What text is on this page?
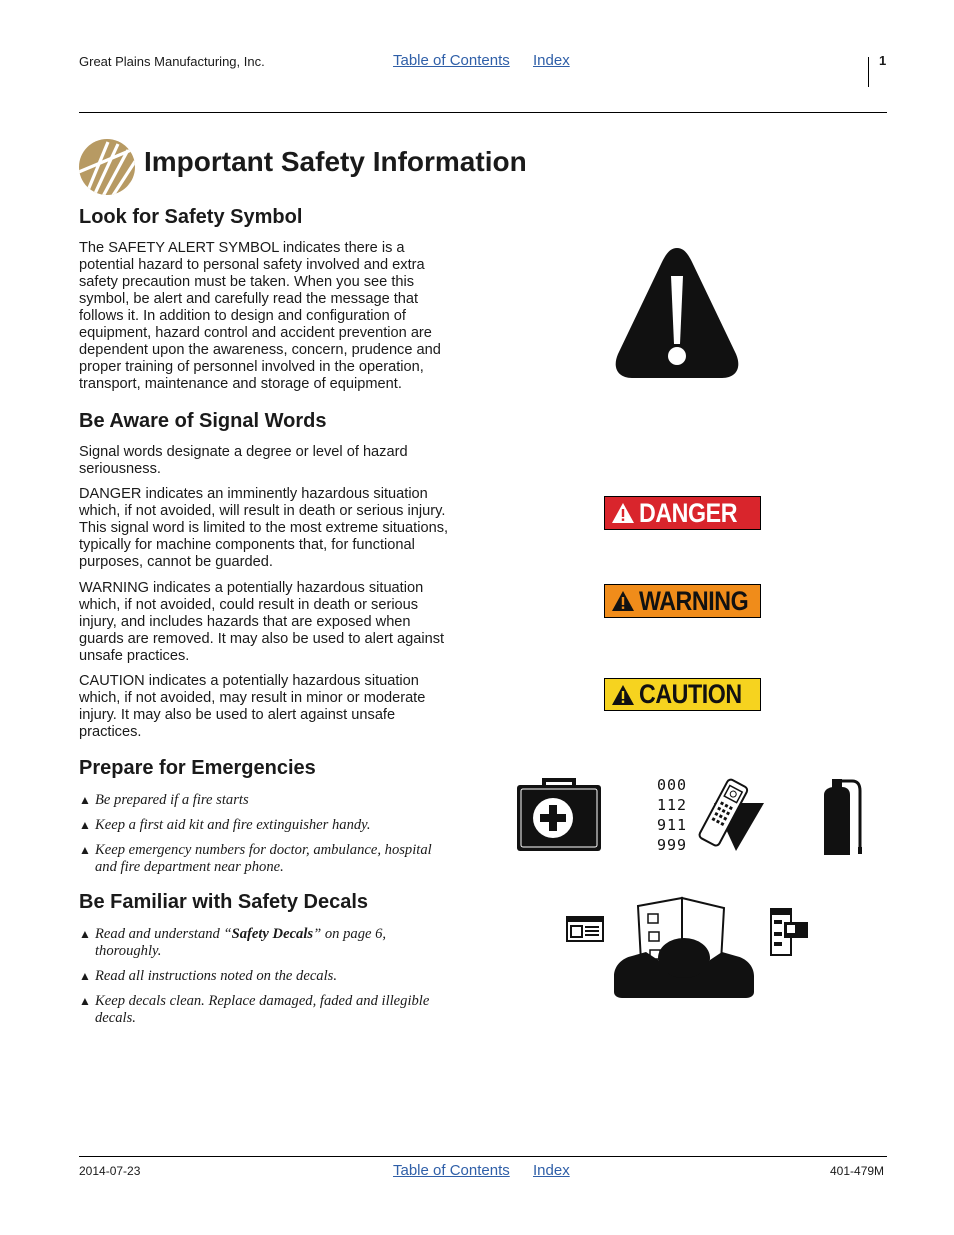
Great Plains Manufacturing, Inc.	Table of Contents Index	1
Important Safety Information
Look for Safety Symbol

The SAFETY ALERT SYMBOL indicates there is a
potential hazard to personal safety involved and extra
safety precaution must be taken. When you see this
symbol, be alert and carefully read the message that
follows it. In addition to design and configuration of
equipment, hazard control and accident prevention are
dependent upon the awareness, concern, prudence and
proper training of personnel involved in the operation,
transport, maintenance and storage of equipment.

Be Aware of Signal Words

Signal words designate a degree or level of hazard
seriousness.

DANGER indicates an imminently hazardous situation
which, if not avoided, will result in death or serious injury.
This signal word is limited to the most extreme situations,
typically for machine components that, for functional
purposes, cannot be guarded.

WARNING indicates a potentially hazardous situation
which, if not avoided, could result in death or serious
injury, and includes hazards that are exposed when
guards are removed. It may also be used to alert against
unsafe practices.

CAUTION indicates a potentially hazardous situation
which, if not avoided, may result in minor or moderate
injury. It may also be used to alert against unsafe
practices.

DANGER
WARNING
CAUTION
Prepare for Emergencies

▲ Be prepared if a fire starts

▲ Keep a first aid kit and fire extinguisher handy.

▲ Keep emergency numbers for doctor, ambulance, hospital
and fire department near phone.

000
112
911
999
Be Familiar with Safety Decals

▲ Read and understand “Safety Decals” on page 6,
thoroughly.

▲ Read all instructions noted on the decals.

▲ Keep decals clean. Replace damaged, faded and illegible
decals.

2014-07-23	Table of Contents Index	401-479M
